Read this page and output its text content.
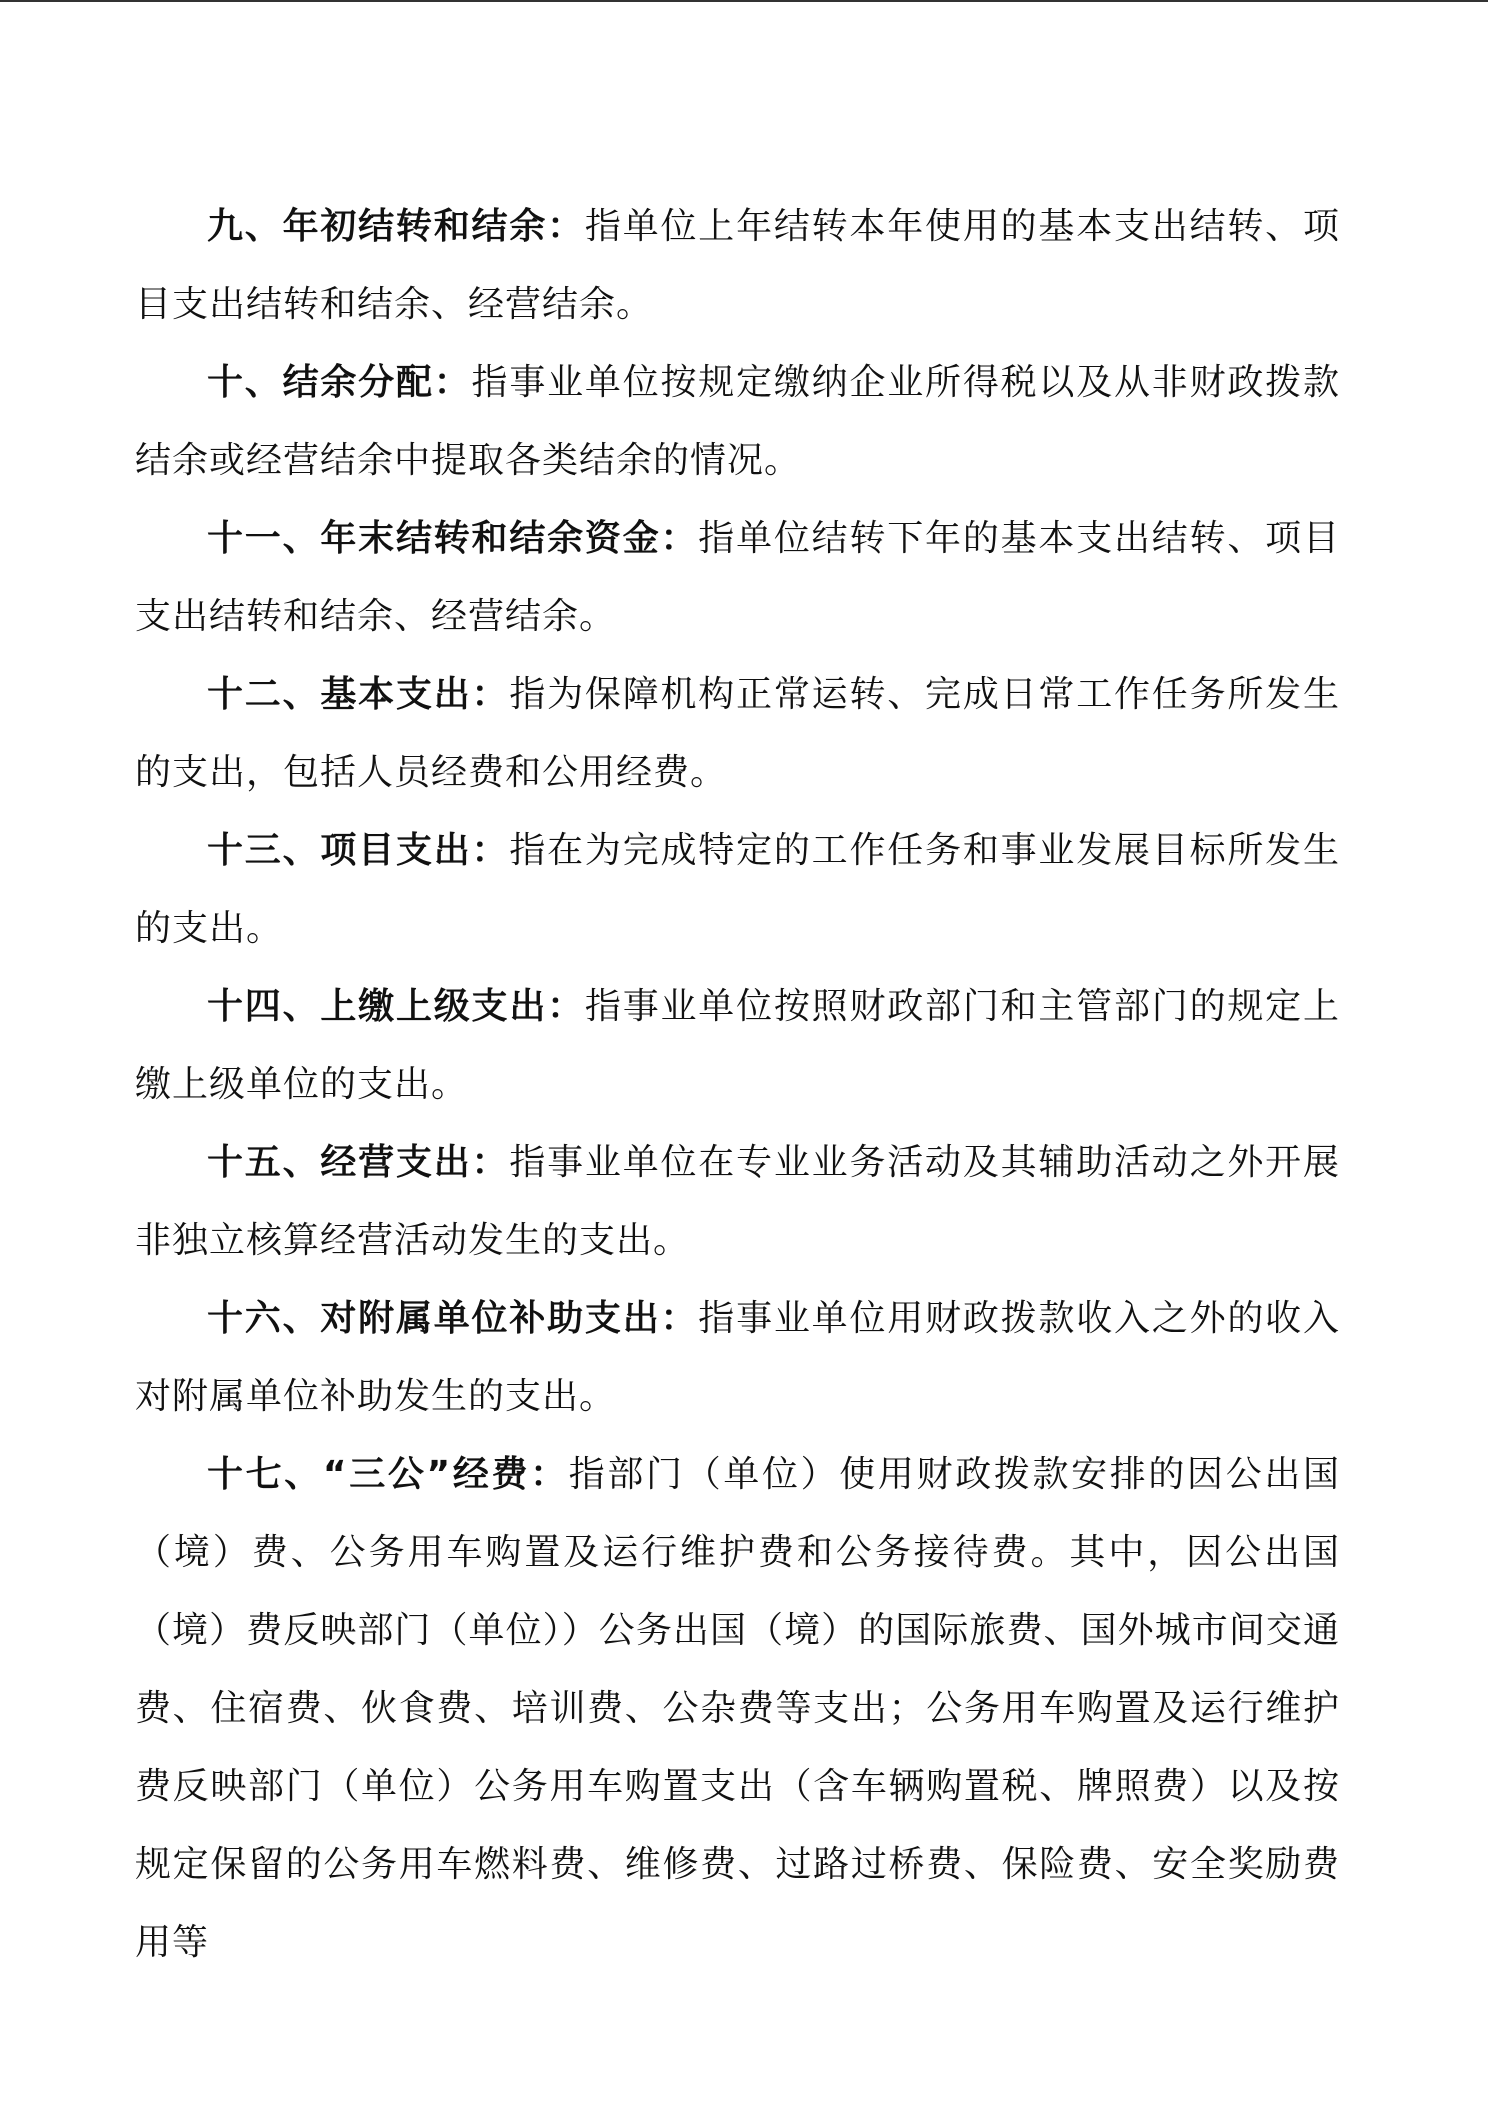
九、年初结转和结余：指单位上年结转本年使用的基本支出结转、项目支出结转和结余、经营结余。

十、结余分配：指事业单位按规定缴纳企业所得税以及从非财政拨款结余或经营结余中提取各类结余的情况。

十一、年末结转和结余资金：指单位结转下年的基本支出结转、项目支出结转和结余、经营结余。

十二、基本支出：指为保障机构正常运转、完成日常工作任务所发生的支出，包括人员经费和公用经费。

十三、项目支出：指在为完成特定的工作任务和事业发展目标所发生的支出。

十四、上缴上级支出：指事业单位按照财政部门和主管部门的规定上缴上级单位的支出。

十五、经营支出：指事业单位在专业业务活动及其辅助活动之外开展非独立核算经营活动发生的支出。

十六、对附属单位补助支出：指事业单位用财政拨款收入之外的收入对附属单位补助发生的支出。

十七、“三公”经费：指部门（单位）使用财政拨款安排的因公出国（境）费、公务用车购置及运行维护费和公务接待费。其中，因公出国（境）费反映部门（单位））公务出国（境）的国际旅费、国外城市间交通费、住宿费、伙食费、培训费、公杂费等支出；公务用车购置及运行维护费反映部门（单位）公务用车购置支出（含车辆购置税、牌照费）以及按规定保留的公务用车燃料费、维修费、过路过桥费、保险费、安全奖励费用等
